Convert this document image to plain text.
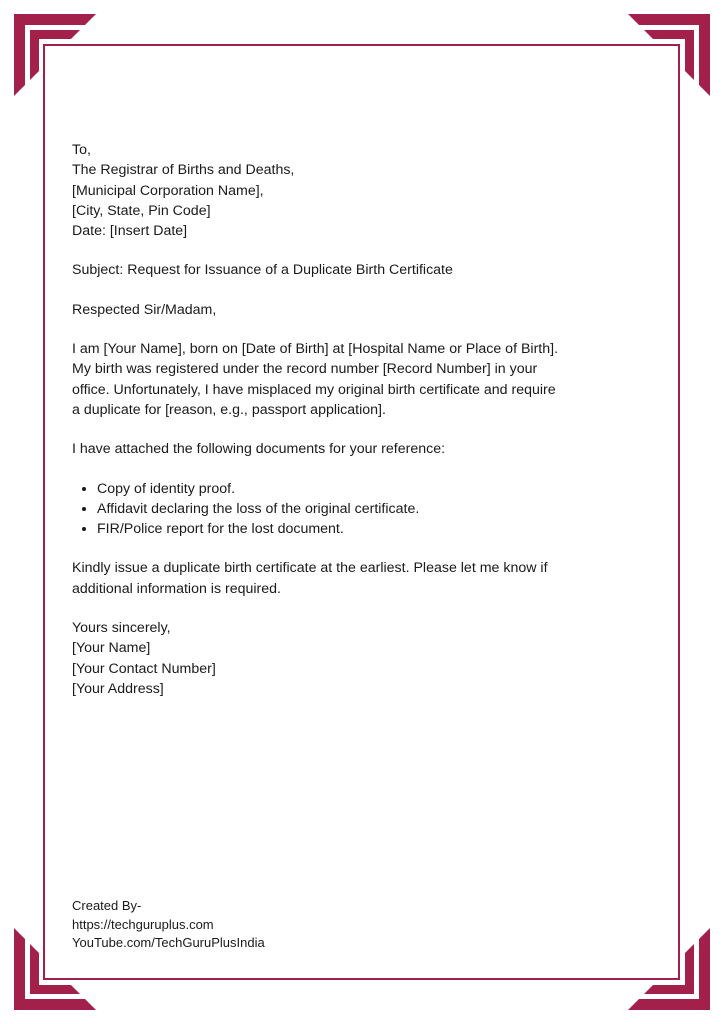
To,

The Registrar of Births and Deaths,

[Municipal Corporation Name],

[City, State, Pin Code]

Date: [Insert Date]

Subject: Request for Issuance of a Duplicate Birth Certificate

Respected Sir/Madam,

I am [Your Name], born on [Date of Birth] at [Hospital Name or Place of Birth].

My birth was registered under the record number [Record Number] in your

office. Unfortunately, I have misplaced my original birth certificate and require

a duplicate for [reason, e.g., passport application].

I have attached the following documents for your reference:

• Copy of identity proof.
• Affidavit declaring the loss of the original certificate.
• FIR/Police report for the lost document.

Kindly issue a duplicate birth certificate at the earliest. Please let me know if

additional information is required.

Yours sincerely,

[Your Name]

[Your Contact Number]

[Your Address]

Created By-

https://techguruplus.com

YouTube.com/TechGuruPlusIndia
